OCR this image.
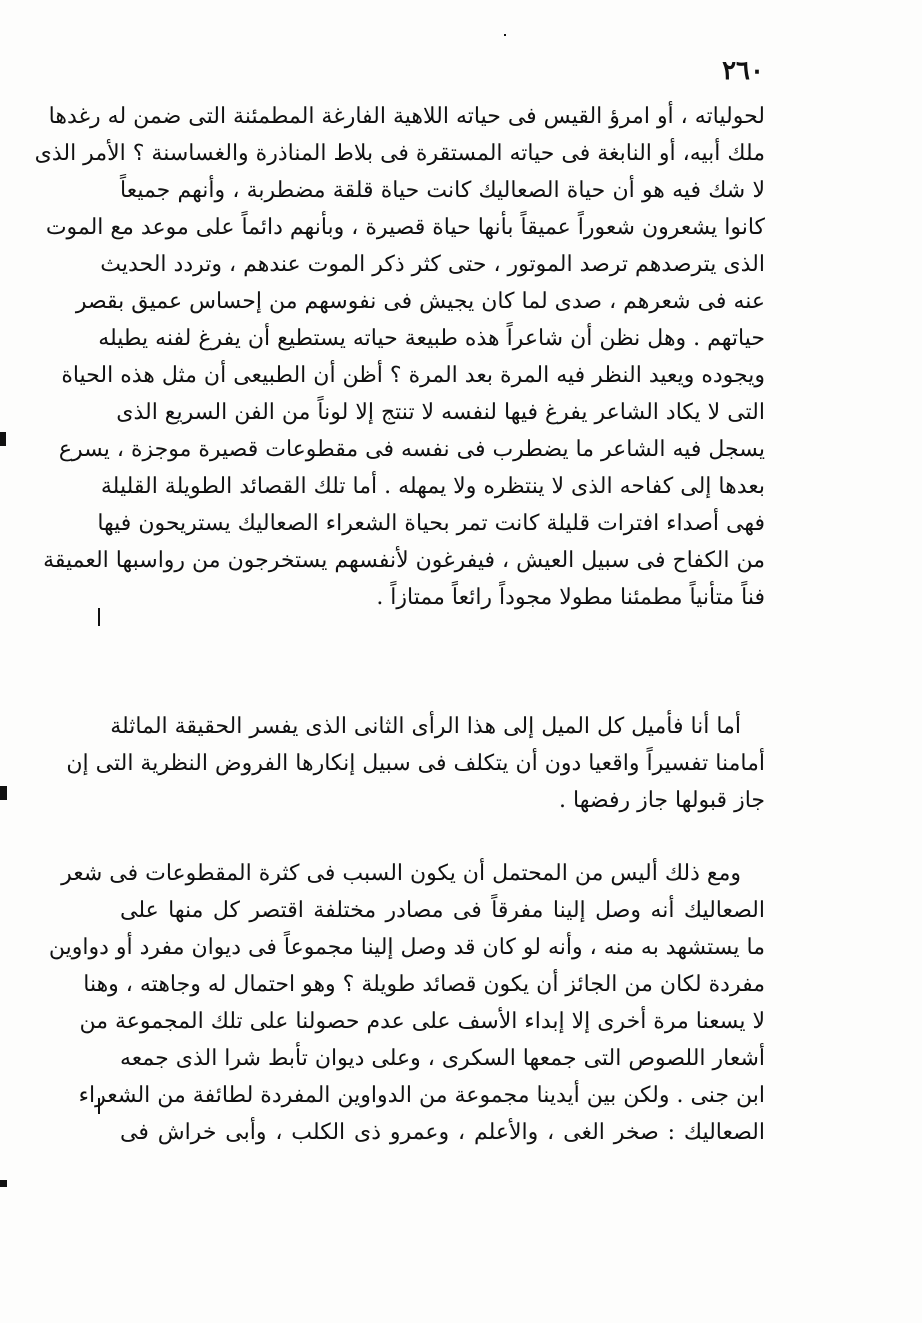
٢٦٠
لحولياته ، أو امرؤ القيس فى حياته اللاهية الفارغة المطمئنة التى ضمن له رغدها
ملك أبيه، أو النابغة فى حياته المستقرة فى بلاط المناذرة والغساسنة ؟ الأمر الذى
لا شك فيه هو أن حياة الصعاليك كانت حياة قلقة مضطربة ، وأنهم جميعاً
كانوا يشعرون شعوراً عميقاً بأنها حياة قصيرة ، وبأنهم دائماً على موعد مع الموت
الذى يترصدهم ترصد الموتور ، حتى كثر ذكر الموت عندهم ، وتردد الحديث
عنه فى شعرهم ، صدى لما كان يجيش فى نفوسهم من إحساس عميق بقصر
حياتهم . وهل نظن أن شاعراً هذه طبيعة حياته يستطيع أن يفرغ لفنه يطيله
ويجوده ويعيد النظر فيه المرة بعد المرة ؟ أظن أن الطبيعى أن مثل هذه الحياة
التى لا يكاد الشاعر يفرغ فيها لنفسه لا تنتج إلا لوناً من الفن السريع الذى
يسجل فيه الشاعر ما يضطرب فى نفسه فى مقطوعات قصيرة موجزة ، يسرع
بعدها إلى كفاحه الذى لا ينتظره ولا يمهله . أما تلك القصائد الطويلة القليلة
فهى أصداء افترات قليلة كانت تمر بحياة الشعراء الصعاليك يستريحون فيها
من الكفاح فى سبيل العيش ، فيفرغون لأنفسهم يستخرجون من رواسبها العميقة
فناً متأنياً مطمئنا مطولا مجوداً رائعاً ممتازاً .
أما أنا فأميل كل الميل إلى هذا الرأى الثانى الذى يفسر الحقيقة الماثلة
أمامنا تفسيراً واقعيا دون أن يتكلف فى سبيل إنكارها الفروض النظرية التى إن
جاز قبولها جاز رفضها .
ومع ذلك أليس من المحتمل أن يكون السبب فى كثرة المقطوعات فى شعر
الصعاليك أنه وصل إلينا مفرقاً فى مصادر مختلفة اقتصر كل منها على
ما يستشهد به منه ، وأنه لو كان قد وصل إلينا مجموعاً فى ديوان مفرد أو دواوين
مفردة لكان من الجائز أن يكون قصائد طويلة ؟ وهو احتمال له وجاهته ، وهنا
لا يسعنا مرة أخرى إلا إبداء الأسف على عدم حصولنا على تلك المجموعة من
أشعار اللصوص التى جمعها السكرى ، وعلى ديوان تأبط شرا الذى جمعه
ابن جنى . ولكن بين أيدينا مجموعة من الدواوين المفردة لطائفة من الشعراء
الصعاليك : صخر الغى ، والأعلم ، وعمرو ذى الكلب ، وأبى خراش فى
